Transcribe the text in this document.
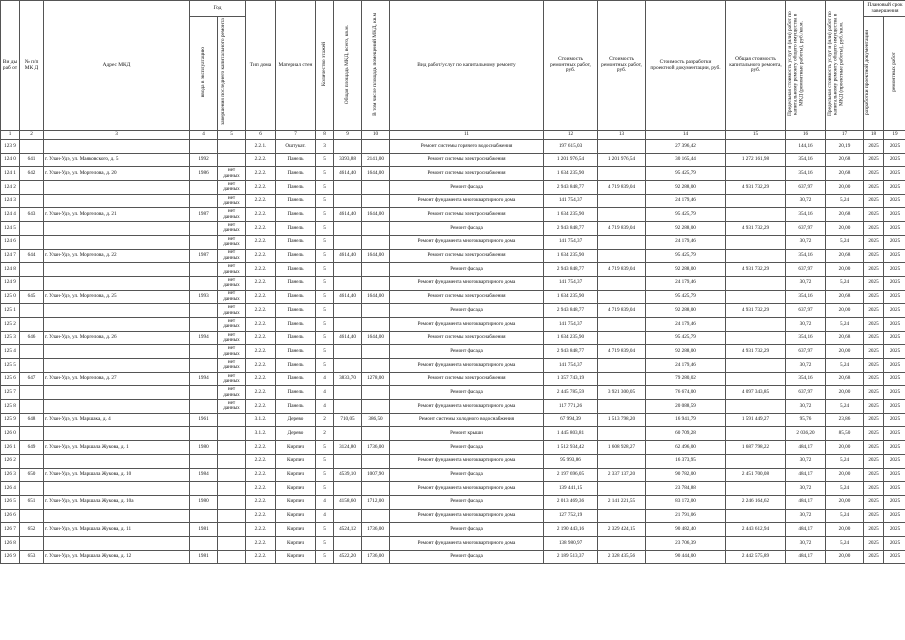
Ви ды раб от	№ п/п МК Д	Адрес МКД	Год		Тип дома	Материал стен	Количество этажей	Общая площадь МКД, всего, кв.м.	В том числе площадь помещений МКД, кв.м	Вид работ/услуг по капитальному ремонту	Стоимость ремонтных работ, руб.	Стоимость ремонтных работ, руб.	Стоимость разработки проектной документации, руб.	Общая стоимость капитального ремонта, руб.	Предельная стоимость услуг и (или) работ по капитальному ремонту общего имущества в МКД (ремонтные работы), руб./кв.м.	Предельная стоимость услуг и (или) работ по капитальному ремонту общего имущества в МКД (проектные работы), руб./кв.м.	Плановый срок завершения	
			ввода в эксплуатацию	завершения последнего капитального ремонта													разработки проектной документации	ремонтных работ
1	2	3	4	5	6	7	8	9	10	11	12	13	14	15	16	17	18	19
123 9					2.2.1.	Оштукат.	3			Ремонт системы горячего водоснабжения	197 615,03		27 396,42		144,16	20,19	2025	2025
124 0	641	г. Улан-Удэ, ул. Маяковского, д. 5	1992		2.2.2.	Панель	5	3393,88	2141,00	Ремонт системы электроснабжения	1 201 976,54	1 201 976,54	30 165,44	1 272 161,98	354,16	20,68	2025	2025
124 1	642	г. Улан-Удэ, ул. Моргелова, д. 20	1986	нет данных	2.2.2.	Панель	5	4614,40	1644,00	Ремонт системы электроснабжения	1 634 235,90		95 425,79		354,16	20,68	2025	2025
124 2				нет данных	2.2.2.	Панель	5			Ремонт фасада	2 943 848,77	4 719 839,04	92 288,00	4 931 732,29	637,97	20,00	2025	2025
124 3				нет данных	2.2.2.	Панель	5			Ремонт фундамента многоквартирного дома	141 754,37		24 179,46		30,72	5,24	2025	2025
124 4	643	г. Улан-Удэ, ул. Моргелова, д. 21	1987	нет данных	2.2.2.	Панель	5	4614,40	1644,00	Ремонт системы электроснабжения	1 634 235,90		95 425,79		354,16	20,68	2025	2025
124 5				нет данных	2.2.2.	Панель	5			Ремонт фасада	2 943 848,77	4 719 839,04	92 288,00	4 931 732,29	637,97	20,00	2025	2025
124 6				нет данных	2.2.2.	Панель	5			Ремонт фундамента многоквартирного дома	141 754,37		24 179,46		30,72	5,24	2025	2025
124 7	644	г. Улан-Удэ, ул. Моргелова, д. 22	1987	нет данных	2.2.2.	Панель	5	4614,40	1644,00	Ремонт системы электроснабжения	1 634 235,90		95 425,79		354,16	20,68	2025	2025
124 8				нет данных	2.2.2.	Панель	5			Ремонт фасада	2 943 848,77	4 719 839,04	92 288,00	4 931 732,29	637,97	20,00	2025	2025
124 9				нет данных	2.2.2.	Панель	5			Ремонт фундамента многоквартирного дома	141 754,37		24 179,46		30,72	5,24	2025	2025
125 0	645	г. Улан-Удэ, ул. Моргелова, д. 25	1993	нет данных	2.2.2.	Панель	5	4614,40	1644,00	Ремонт системы электроснабжения	1 634 235,90		95 425,79		354,16	20,68	2025	2025
125 1				нет данных	2.2.2.	Панель	5			Ремонт фасада	2 943 848,77	4 719 839,04	92 288,00	4 931 732,29	637,97	20,00	2025	2025
125 2				нет данных	2.2.2.	Панель	5			Ремонт фундамента многоквартирного дома	141 754,37		24 179,46		30,72	5,24	2025	2025
125 3	646	г. Улан-Удэ, ул. Моргелова, д. 26	1994	нет данных	2.2.2.	Панель	5	4614,40	1644,00	Ремонт системы электроснабжения	1 634 235,90		95 425,79		354,16	20,68	2025	2025
125 4				нет данных	2.2.2.	Панель	5			Ремонт фасада	2 943 848,77	4 719 839,04	92 288,00	4 931 732,29	637,97	20,00	2025	2025
125 5				нет данных	2.2.2.	Панель	5			Ремонт фундамента многоквартирного дома	141 754,37		24 179,46		30,72	5,24	2025	2025
125 6	647	г. Улан-Удэ, ул. Моргелова, д. 27	1994	нет данных	2.2.2.	Панель	4	3833,70	1278,00	Ремонт системы электроснабжения	1 357 743,19		79 280,02		354,16	20,68	2025	2025
125 7				нет данных	2.2.2.	Панель	4			Ремонт фасада	2 445 785,59	3 921 300,05	76 674,00	4 097 343,85	637,97	20,00	2025	2025
125 8				нет данных	2.2.2.	Панель	4			Ремонт фундамента многоквартирного дома	117 771,26		20 088,59		30,72	5,24	2025	2025
125 9	648	г. Улан-Удэ, ул. Маршака, д. 4	1961		3.1.2.	Дерево	2	710,05	386,50	Ремонт системы холодного водоснабжения	67 994,39	1 513 798,20	16 941,79	1 591 449,27	95,76	23,86	2025	2025
126 0					3.1.2.	Дерево	2			Ремонт крыши	1 445 803,81		60 709,28		2 036,20	85,50	2025	2025
126 1	649	г. Улан-Удэ, ул. Маршала Жукова, д. 1	1980		2.2.2.	Кирпич	5	3124,80	1736,00	Ремонт фасада	1 512 934,42	1 608 928,27	62 496,00	1 687 798,22	484,17	20,00	2025	2025
126 2					2.2.2.	Кирпич	5			Ремонт фундамента многоквартирного дома	95 993,86		16 373,95		30,72	5,24	2025	2025
126 3	650	г. Улан-Удэ, ул. Маршала Жукова, д. 10	1984		2.2.2.	Кирпич	5	4539,10	1007,90	Ремонт фасада	2 197 696,05	2 337 137,20	90 782,00	2 451 700,08	484,17	20,00	2025	2025
126 4					2.2.2.	Кирпич	5			Ремонт фундамента многоквартирного дома	139 441,15		23 784,88		30,72	5,24	2025	2025
126 5	651	г. Улан-Удэ, ул. Маршала Жукова, д. 10а	1980		2.2.2.	Кирпич	4	4158,60	1712,00	Ремонт фасада	2 013 469,36	2 141 221,55	83 172,00	2 246 164,62	484,17	20,00	2025	2025
126 6					2.2.2.	Кирпич	4			Ремонт фундамента многоквартирного дома	127 752,19		21 791,06		30,72	5,24	2025	2025
126 7	652	г. Улан-Удэ, ул. Маршала Жукова, д. 11	1981		2.2.2.	Кирпич	5	4524,12	1736,00	Ремонт фасада	2 190 443,16	2 329 424,15	90 482,40	2 443 612,94	484,17	20,00	2025	2025
126 8					2.2.2.	Кирпич	5			Ремонт фундамента многоквартирного дома	138 980,97		23 706,39		30,72	5,24	2025	2025
126 9	653	г. Улан-Удэ, ул. Маршала Жукова, д. 12	1981		2.2.2.	Кирпич	5	4522,20	1736,00	Ремонт фасада	2 189 513,37	2 328 435,56	90 444,00	2 442 575,89	484,17	20,00	2025	2025
